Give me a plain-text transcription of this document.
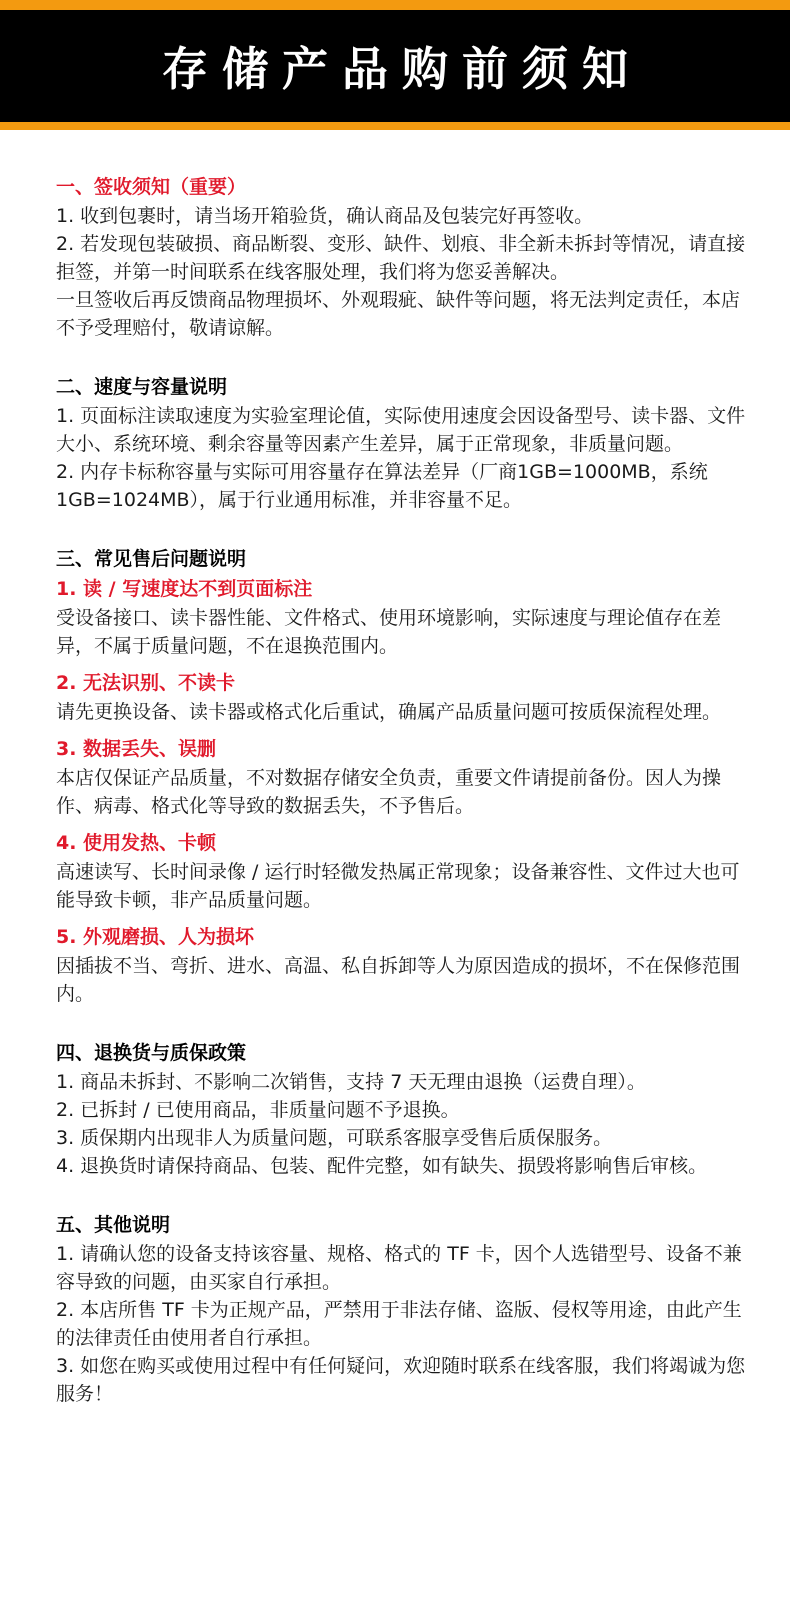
存储产品购前须知
一、签收须知（重要）
1. 收到包裹时，请当场开箱验货，确认商品及包装完好再签收。
2. 若发现包装破损、商品断裂、变形、缺件、划痕、非全新未拆封等情况，请直接拒签，并第一时间联系在线客服处理，我们将为您妥善解决。
一旦签收后再反馈商品物理损坏、外观瑕疵、缺件等问题，将无法判定责任，本店不予受理赔付，敬请谅解。
二、速度与容量说明
1. 页面标注读取速度为实验室理论值，实际使用速度会因设备型号、读卡器、文件大小、系统环境、剩余容量等因素产生差异，属于正常现象，非质量问题。
2. 内存卡标称容量与实际可用容量存在算法差异（厂商1GB=1000MB，系统 1GB=1024MB），属于行业通用标准，并非容量不足。
三、常见售后问题说明
1. 读 / 写速度达不到页面标注
受设备接口、读卡器性能、文件格式、使用环境影响，实际速度与理论值存在差异，不属于质量问题，不在退换范围内。
2. 无法识别、不读卡
请先更换设备、读卡器或格式化后重试，确属产品质量问题可按质保流程处理。
3. 数据丢失、误删
本店仅保证产品质量，不对数据存储安全负责，重要文件请提前备份。因人为操作、病毒、格式化等导致的数据丢失，不予售后。
4. 使用发热、卡顿
高速读写、长时间录像 / 运行时轻微发热属正常现象；设备兼容性、文件过大也可能导致卡顿，非产品质量问题。
5. 外观磨损、人为损坏
因插拔不当、弯折、进水、高温、私自拆卸等人为原因造成的损坏，不在保修范围内。
四、退换货与质保政策
1. 商品未拆封、不影响二次销售，支持 7 天无理由退换（运费自理）。
2. 已拆封 / 已使用商品，非质量问题不予退换。
3. 质保期内出现非人为质量问题，可联系客服享受售后质保服务。
4. 退换货时请保持商品、包装、配件完整，如有缺失、损毁将影响售后审核。
五、其他说明
1. 请确认您的设备支持该容量、规格、格式的 TF 卡，因个人选错型号、设备不兼容导致的问题，由买家自行承担。
2. 本店所售 TF 卡为正规产品，严禁用于非法存储、盗版、侵权等用途，由此产生的法律责任由使用者自行承担。
3. 如您在购买或使用过程中有任何疑问，欢迎随时联系在线客服，我们将竭诚为您服务！
